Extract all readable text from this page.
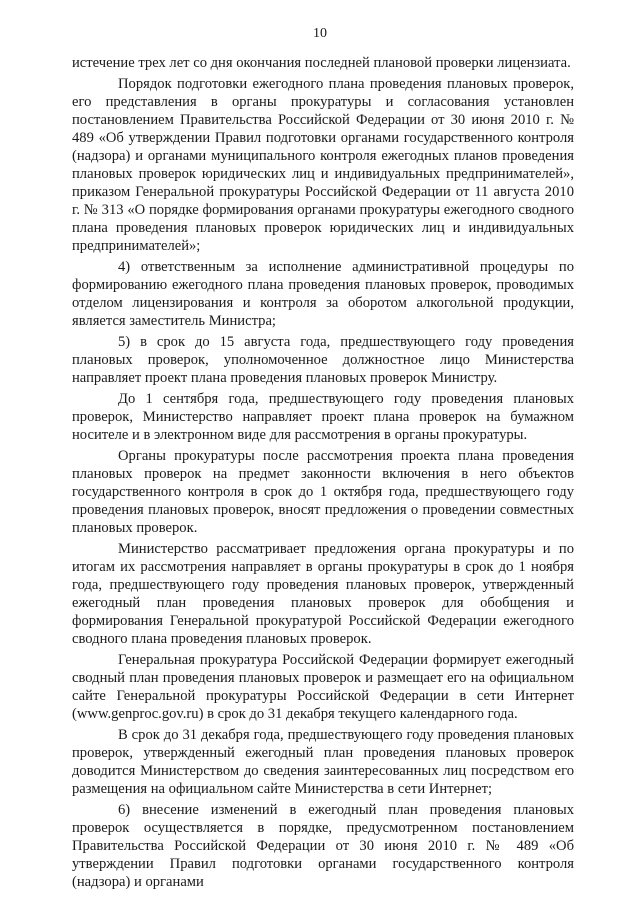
10

истечение трех лет со дня окончания последней плановой проверки лицензиата.

Порядок подготовки ежегодного плана проведения плановых проверок, его представления в органы прокуратуры и согласования установлен постановлением Правительства Российской Федерации от 30 июня 2010 г. № 489 «Об утверждении Правил подготовки органами государственного контроля (надзора) и органами муниципального контроля ежегодных планов проведения плановых проверок юридических лиц и индивидуальных предпринимателей», приказом Генеральной прокуратуры Российской Федерации от 11 августа 2010 г. № 313 «О порядке формирования органами прокуратуры ежегодного сводного плана проведения плановых проверок юридических лиц и индивидуальных предпринимателей»;

4) ответственным за исполнение административной процедуры по формированию ежегодного плана проведения плановых проверок, проводимых отделом лицензирования и контроля за оборотом алкогольной продукции, является заместитель Министра;

5) в срок до 15 августа года, предшествующего году проведения плановых проверок, уполномоченное должностное лицо Министерства направляет проект плана проведения плановых проверок Министру.

До 1 сентября года, предшествующего году проведения плановых проверок, Министерство направляет проект плана проверок на бумажном носителе и в электронном виде для рассмотрения в органы прокуратуры.

Органы прокуратуры после рассмотрения проекта плана проведения плановых проверок на предмет законности включения в него объектов государственного контроля в срок до 1 октября года, предшествующего году проведения плановых проверок, вносят предложения о проведении совместных плановых проверок.

Министерство рассматривает предложения органа прокуратуры и по итогам их рассмотрения направляет в органы прокуратуры в срок до 1 ноября года, предшествующего году проведения плановых проверок, утвержденный ежегодный план проведения плановых проверок для обобщения и формирования Генеральной прокуратурой Российской Федерации ежегодного сводного плана проведения плановых проверок.

Генеральная прокуратура Российской Федерации формирует ежегодный сводный план проведения плановых проверок и размещает его на официальном сайте Генеральной прокуратуры Российской Федерации в сети Интернет (www.genproc.gov.ru) в срок до 31 декабря текущего календарного года.

В срок до 31 декабря года, предшествующего году проведения плановых проверок, утвержденный ежегодный план проведения плановых проверок доводится Министерством до сведения заинтересованных лиц посредством его размещения на официальном сайте Министерства в сети Интернет;

6) внесение изменений в ежегодный план проведения плановых проверок осуществляется в порядке, предусмотренном постановлением Правительства Российской Федерации от 30 июня 2010 г. № 489 «Об утверждении Правил подготовки органами государственного контроля (надзора) и органами
